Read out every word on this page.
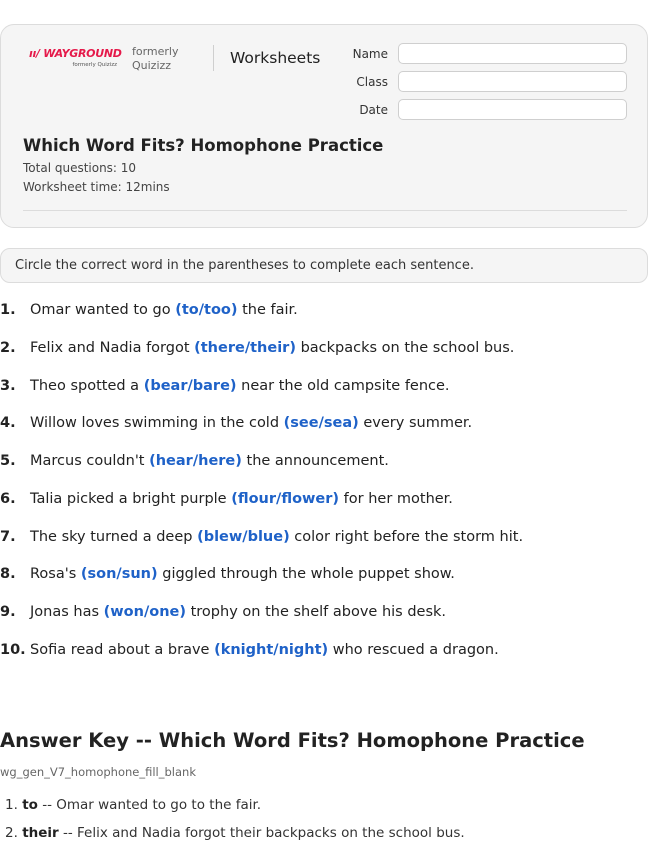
ıı/ WAYGROUND
formerly Quizizz
formerly
Quizizz	Worksheets	Name
Class
Date
Which Word Fits? Homophone Practice
Total questions: 10
Worksheet time: 12mins
Circle the correct word in the parentheses to complete each sentence.
1. Omar wanted to go (to/too) the fair.
2. Felix and Nadia forgot (there/their) backpacks on the school bus.
3. Theo spotted a (bear/bare) near the old campsite fence.
4. Willow loves swimming in the cold (see/sea) every summer.
5. Marcus couldn't (hear/here) the announcement.
6. Talia picked a bright purple (flour/flower) for her mother.
7. The sky turned a deep (blew/blue) color right before the storm hit.
8. Rosa's (son/sun) giggled through the whole puppet show.
9. Jonas has (won/one) trophy on the shelf above his desk.
10. Sofia read about a brave (knight/night) who rescued a dragon.
Answer Key -- Which Word Fits? Homophone Practice
wg_gen_V7_homophone_fill_blank
1. to -- Omar wanted to go to the fair.
2. their -- Felix and Nadia forgot their backpacks on the school bus.
